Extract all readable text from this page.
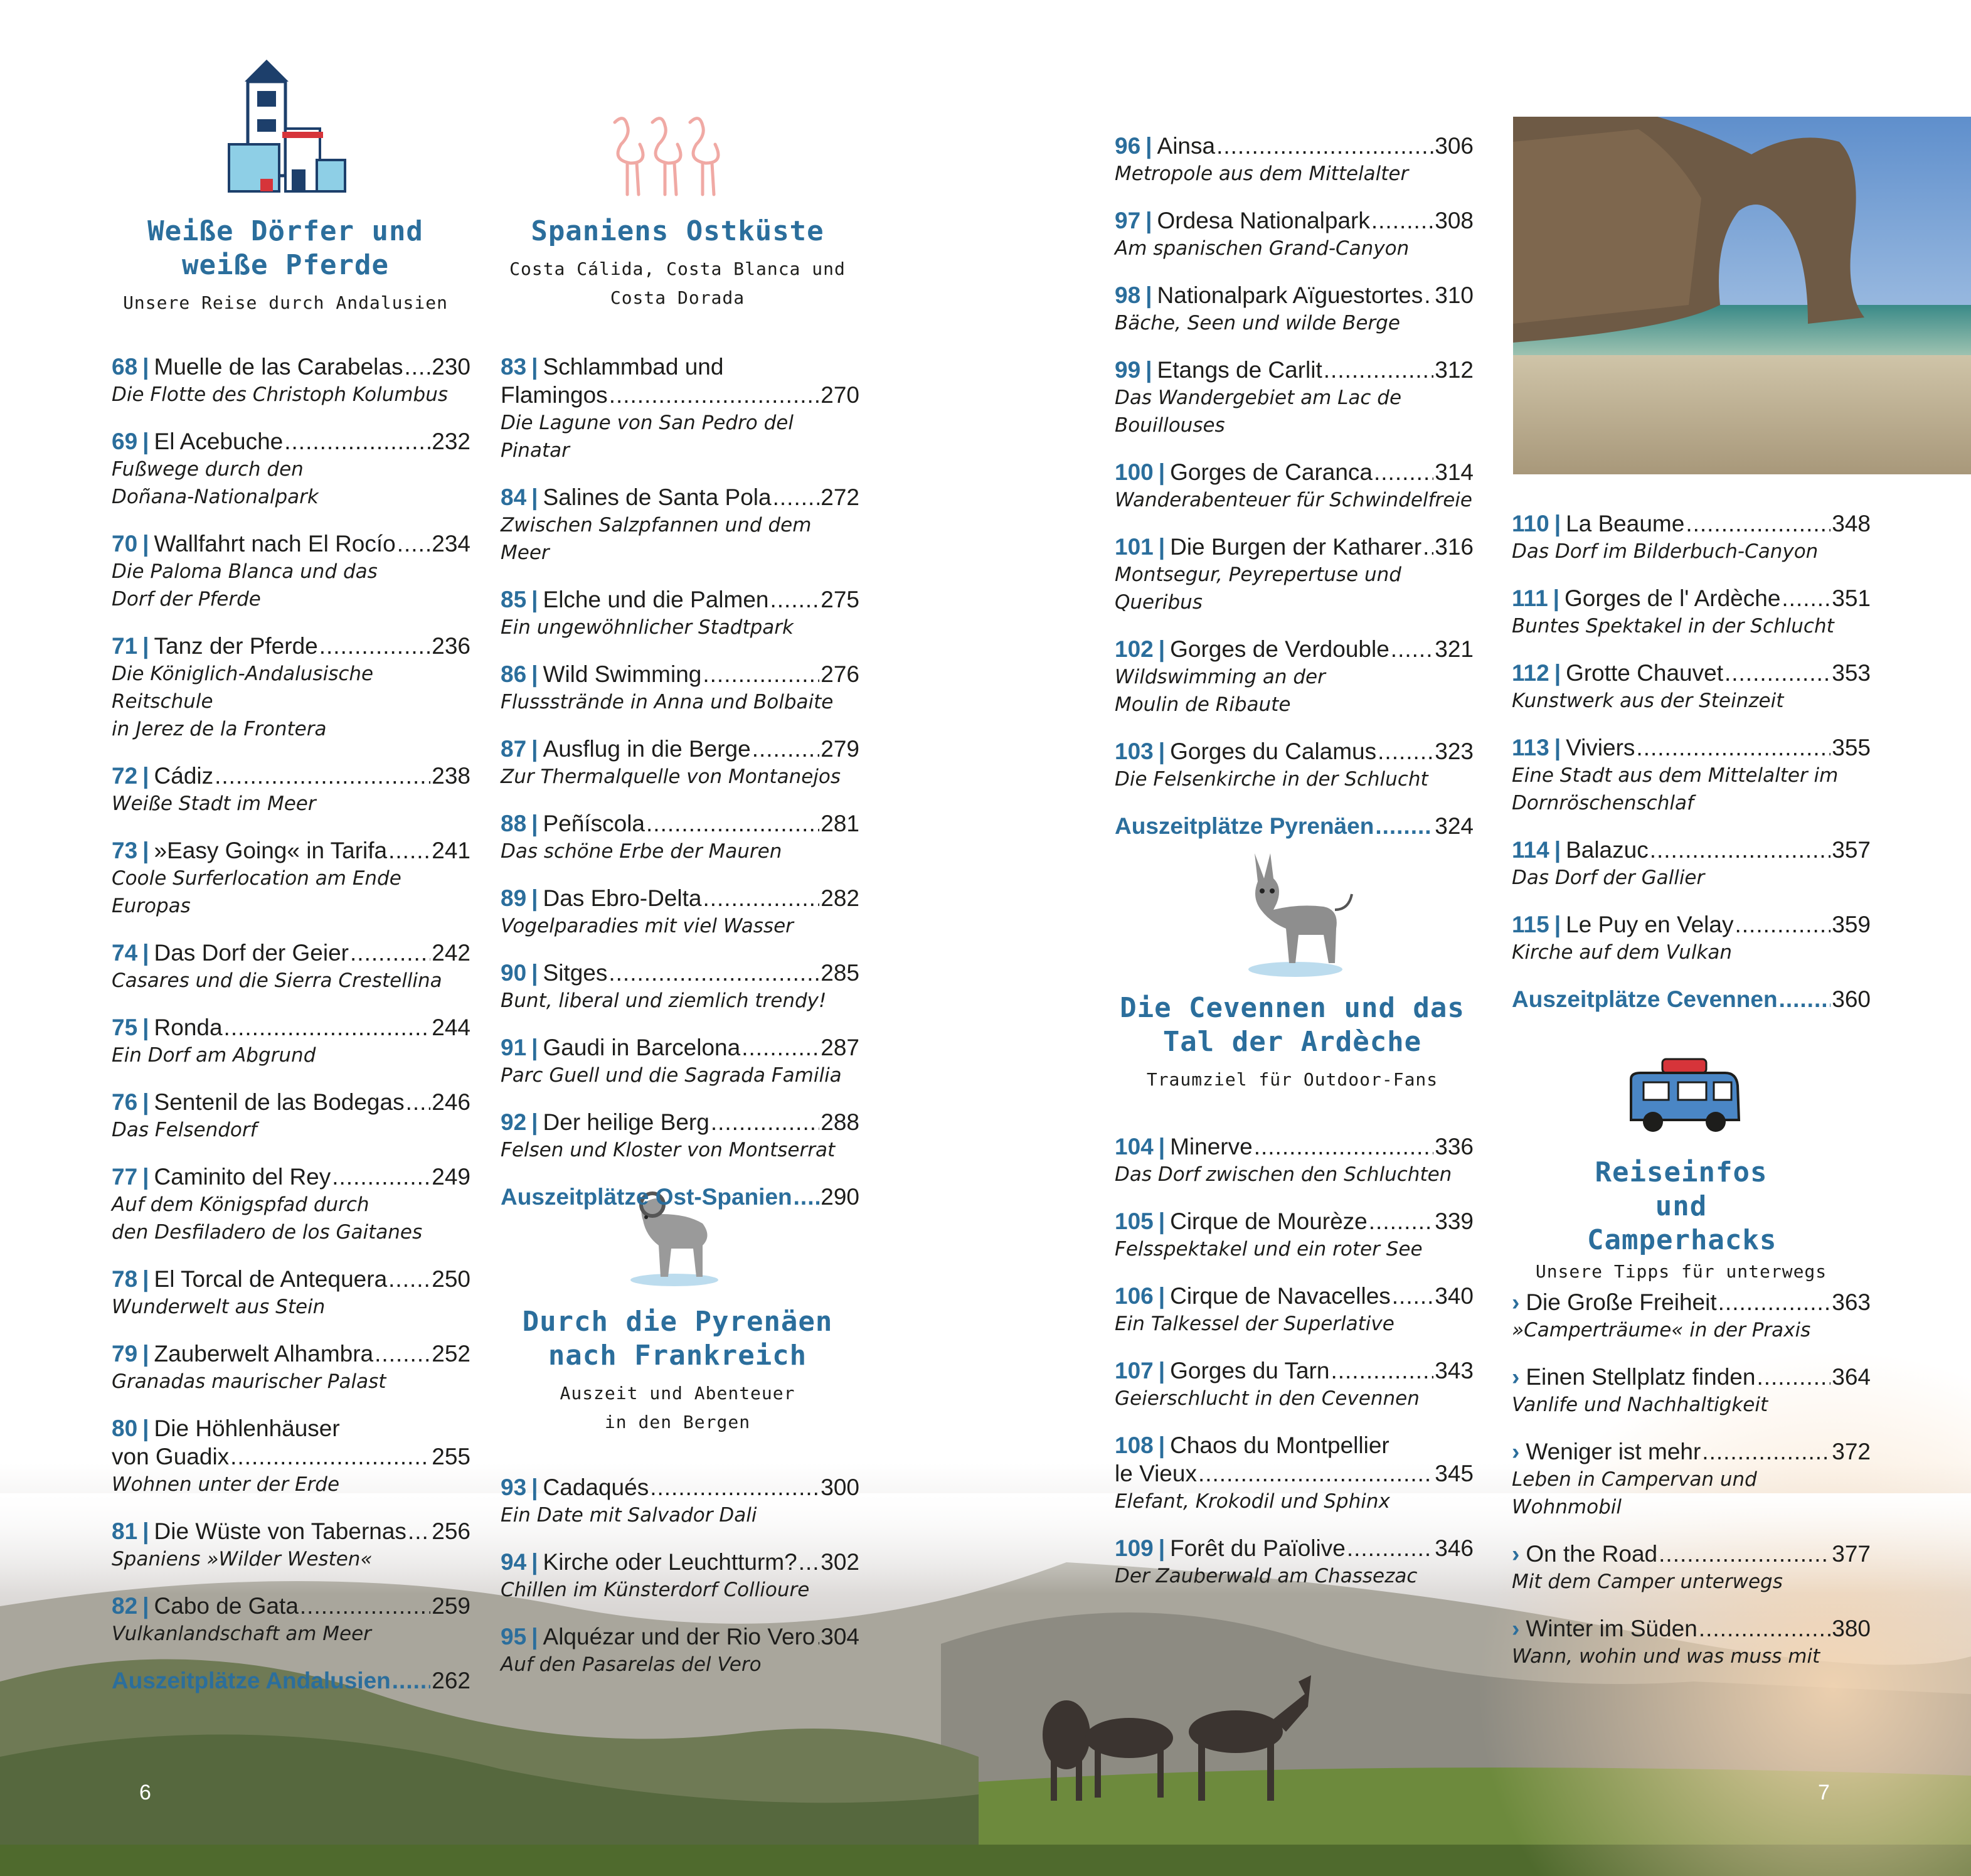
6	7
Weiße Dörfer und weiße Pferde

Unsere Reise durch Andalusien

Spaniens Ostküste

Costa Cálida, Costa Blanca und Costa Dorada

Durch die Pyrenäen nach Frankreich

Auszeit und Abenteuer in den Bergen

Die Cevennen und das Tal der Ardèche

Traumziel für Outdoor-Fans

Reiseinfos und Camperhacks

Unsere Tipps für unterwegs

68 | Muelle de las Carabelas ..... 230
Die Flotte des Christoph Kolumbus
69 | El Acebuche .....	232
Fußwege durch den
Doñana-Nationalpark
70 | Wallfahrt nach El Rocío ..... 234
Die Paloma Blanca und das
Dorf der Pferde
71 | Tanz der Pferde .....	236
Die Königlich-Andalusische Reitschule
in Jerez de la Frontera
72 | Cádiz .....	238
Weiße Stadt im Meer
73 | »Easy Going« in Tarifa ..... 241
Coole Surferlocation am Ende Europas
74 | Das Dorf der Geier .....	242
Casares und die Sierra Crestellina
75 | Ronda .....	244
Ein Dorf am Abgrund
76 | Sentenil de las Bodegas ..... 246
Das Felsendorf
77 | Caminito del Rey .....	249
Auf dem Königspfad durch
den Desfiladero de los Gaitanes
78 | El Torcal de Antequera ..... 250
Wunderwelt aus Stein
79 | Zauberwelt Alhambra .....	252
Granadas maurischer Palast
80 | Die Höhlenhäuser
von Guadix .....	255
Wohnen unter der Erde
81 | Die Wüste von Tabernas ..... 256
Spaniens »Wilder Westen«
82 | Cabo de Gata .....	259
Vulkanlandschaft am Meer
Auszeitplätze Andalusien ..... 262
83 | Schlammbad und
Flamingos .....	270
Die Lagune von San Pedro del Pinatar
84 | Salines de Santa Pola ..... 272
Zwischen Salzpfannen und dem Meer
85 | Elche und die Palmen ..... 275
Ein ungewöhnlicher Stadtpark
86 | Wild Swimming .....	276
Flussstrände in Anna und Bolbaite
87 | Ausflug in die Berge .....	279
Zur Thermalquelle von Montanejos
88 | Peñíscola .....	281
Das schöne Erbe der Mauren
89 | Das Ebro-Delta .....	282
Vogelparadies mit viel Wasser
90 | Sitges .....	285
Bunt, liberal und ziemlich trendy!
91 | Gaudi in Barcelona .....	287
Parc Guell und die Sagrada Familia
92 | Der heilige Berg .....	288
Felsen und Kloster von Montserrat
Auszeitplätze Ost-Spanien ..... 290
93 | Cadaqués .....	300
Ein Date mit Salvador Dali
94 | Kirche oder Leuchtturm? ..... 302
Chillen im Künsterdorf Collioure
95 | Alquézar und der Rio Vero ..... 304
Auf den Pasarelas del Vero
96 | Ainsa .....	306
Metropole aus dem Mittelalter
97 | Ordesa Nationalpark .....	308
Am spanischen Grand-Canyon
98 | Nationalpark Aïguestortes ..... 310
Bäche, Seen und wilde Berge
99 | Etangs de Carlit .....	312
Das Wandergebiet am Lac de
Bouillouses
100 | Gorges de Caranca .....	314
Wanderabenteuer für Schwindelfreie
101 | Die Burgen der Katharer ..... 316
Montsegur, Peyrepertuse und Queribus
102 | Gorges de Verdouble ..... 321
Wildswimming an der
Moulin de Ribaute
103 | Gorges du Calamus .....	323
Die Felsenkirche in der Schlucht
Auszeitplätze Pyrenäen .....	324
104 | Minerve .....	336
Das Dorf zwischen den Schluchten
105 | Cirque de Mourèze .....	339
Felsspektakel und ein roter See
106 | Cirque de Navacelles ..... 340
Ein Talkessel der Superlative
107 | Gorges du Tarn .....	343
Geierschlucht in den Cevennen
108 | Chaos du Montpellier
le Vieux .....	345
Elefant, Krokodil und Sphinx
109 | Forêt du Païolive .....	346
Der Zauberwald am Chassezac
110 | La Beaume .....	348
Das Dorf im Bilderbuch-Canyon
111 | Gorges de l' Ardèche ..... 351
Buntes Spektakel in der Schlucht
112 | Grotte Chauvet .....	353
Kunstwerk aus der Steinzeit
113 | Viviers .....	355
Eine Stadt aus dem Mittelalter im
Dornröschenschlaf
114 | Balazuc .....	357
Das Dorf der Gallier
115 | Le Puy en Velay .....	359
Kirche auf dem Vulkan
Auszeitplätze Cevennen ..... 360
› Die Große Freiheit .....	363
»Camperträume« in der Praxis
› Einen Stellplatz finden .....	364
Vanlife und Nachhaltigkeit
› Weniger ist mehr .....	372
Leben in Campervan und Wohnmobil
› On the Road .....	377
Mit dem Camper unterwegs
› Winter im Süden .....	380
Wann, wohin und was muss mit
